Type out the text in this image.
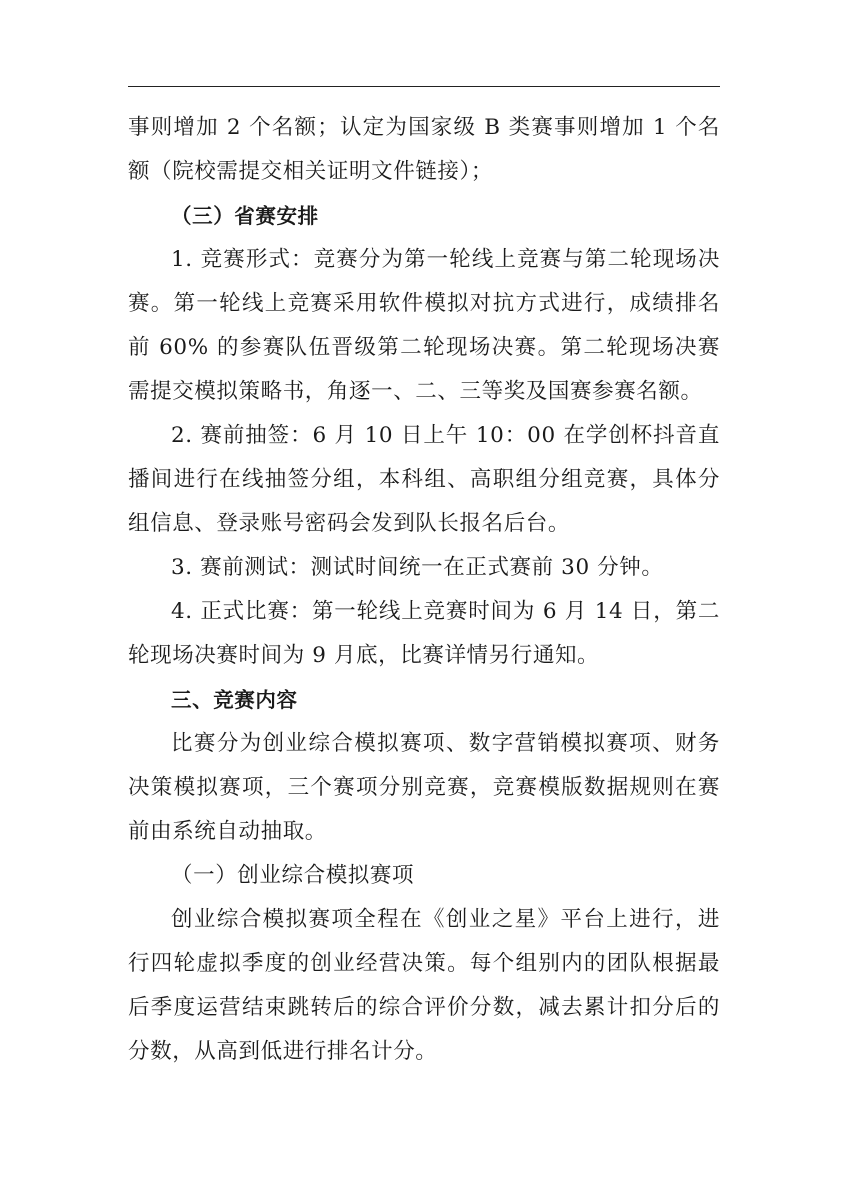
事则增加 2 个名额；认定为国家级 B 类赛事则增加 1 个名额（院校需提交相关证明文件链接）；

（三）省赛安排

1. 竞赛形式：竞赛分为第一轮线上竞赛与第二轮现场决赛。第一轮线上竞赛采用软件模拟对抗方式进行，成绩排名前 60% 的参赛队伍晋级第二轮现场决赛。第二轮现场决赛需提交模拟策略书，角逐一、二、三等奖及国赛参赛名额。

2. 赛前抽签：6 月 10 日上午 10：00 在学创杯抖音直播间进行在线抽签分组，本科组、高职组分组竞赛，具体分组信息、登录账号密码会发到队长报名后台。

3. 赛前测试：测试时间统一在正式赛前 30 分钟。

4. 正式比赛：第一轮线上竞赛时间为 6 月 14 日，第二轮现场决赛时间为 9 月底，比赛详情另行通知。

三、竞赛内容

比赛分为创业综合模拟赛项、数字营销模拟赛项、财务决策模拟赛项，三个赛项分别竞赛，竞赛模版数据规则在赛前由系统自动抽取。

（一）创业综合模拟赛项

创业综合模拟赛项全程在《创业之星》平台上进行，进行四轮虚拟季度的创业经营决策。每个组别内的团队根据最后季度运营结束跳转后的综合评价分数，减去累计扣分后的分数，从高到低进行排名计分。
